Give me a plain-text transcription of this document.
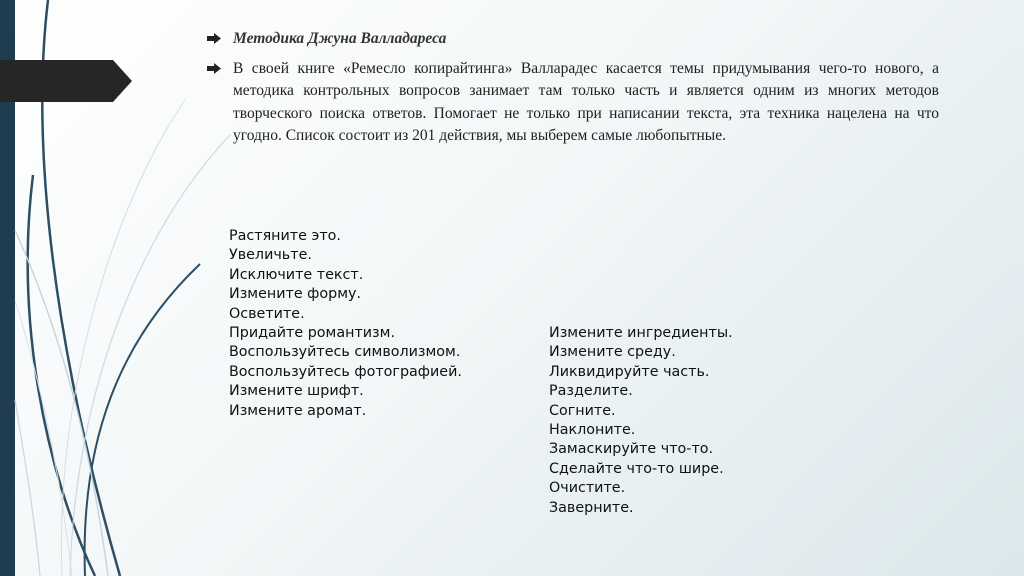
Методика Джуна Валладареса
В своей книге «Ремесло копирайтинга» Валларадес касается темы придумывания чего-то нового, а методика контрольных вопросов занимает там только часть и является одним из многих методов творческого поиска ответов. Помогает не только при написании текста, эта техника нацелена на что угодно. Список состоит из 201 действия, мы выберем самые любопытные.
Растяните это.
Увеличьте.
Исключите текст.
Измените форму.
Осветите.
Придайте романтизм.
Воспользуйтесь символизмом.
Воспользуйтесь фотографией.
Измените шрифт.
Измените аромат.
Измените ингредиенты.
Измените среду.
Ликвидируйте часть.
Разделите.
Согните.
Наклоните.
Замаскируйте что-то.
Сделайте что-то шире.
Очистите.
Заверните.
